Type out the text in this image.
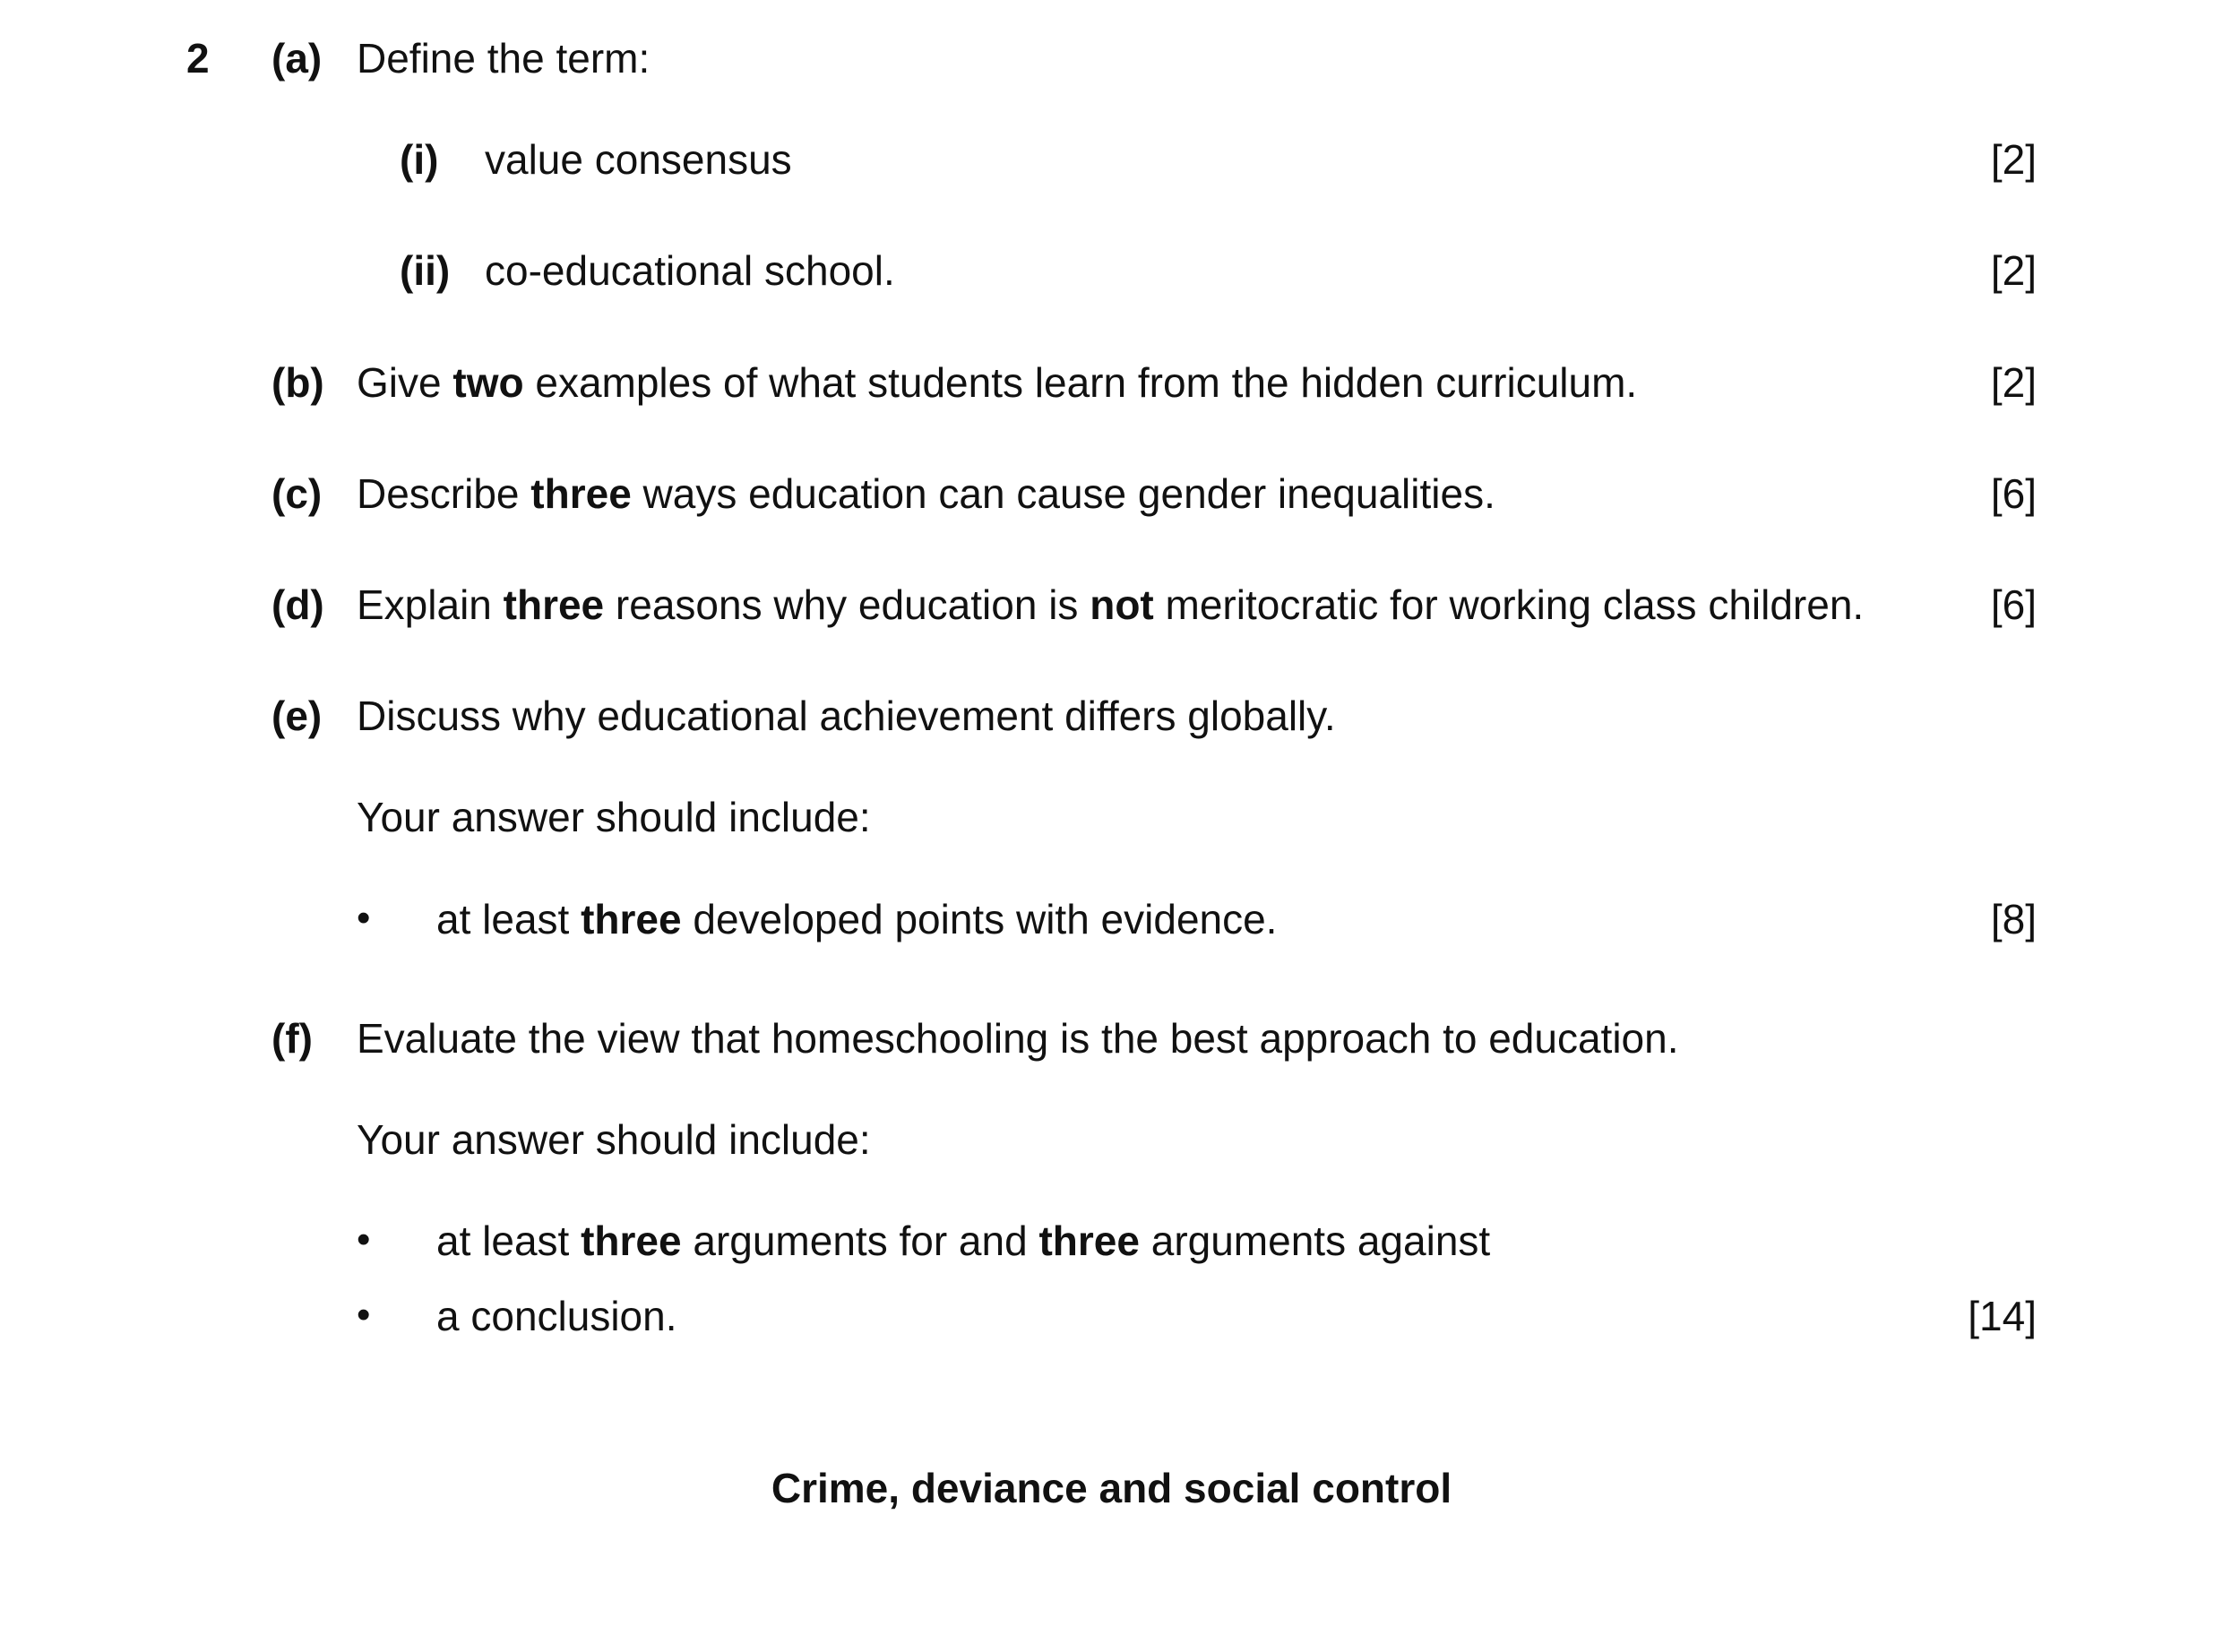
2 (a) Define the term:
(i) value consensus	[2]
(ii) co-educational school.	[2]
(b) Give two examples of what students learn from the hidden curriculum.	[2]
(c) Describe three ways education can cause gender inequalities.	[6]
(d) Explain three reasons why education is not meritocratic for working class children.	[6]
(e) Discuss why educational achievement differs globally.
Your answer should include:
• at least three developed points with evidence.	[8]
(f) Evaluate the view that homeschooling is the best approach to education.
Your answer should include:
• at least three arguments for and three arguments against
• a conclusion.	[14]
Crime, deviance and social control
